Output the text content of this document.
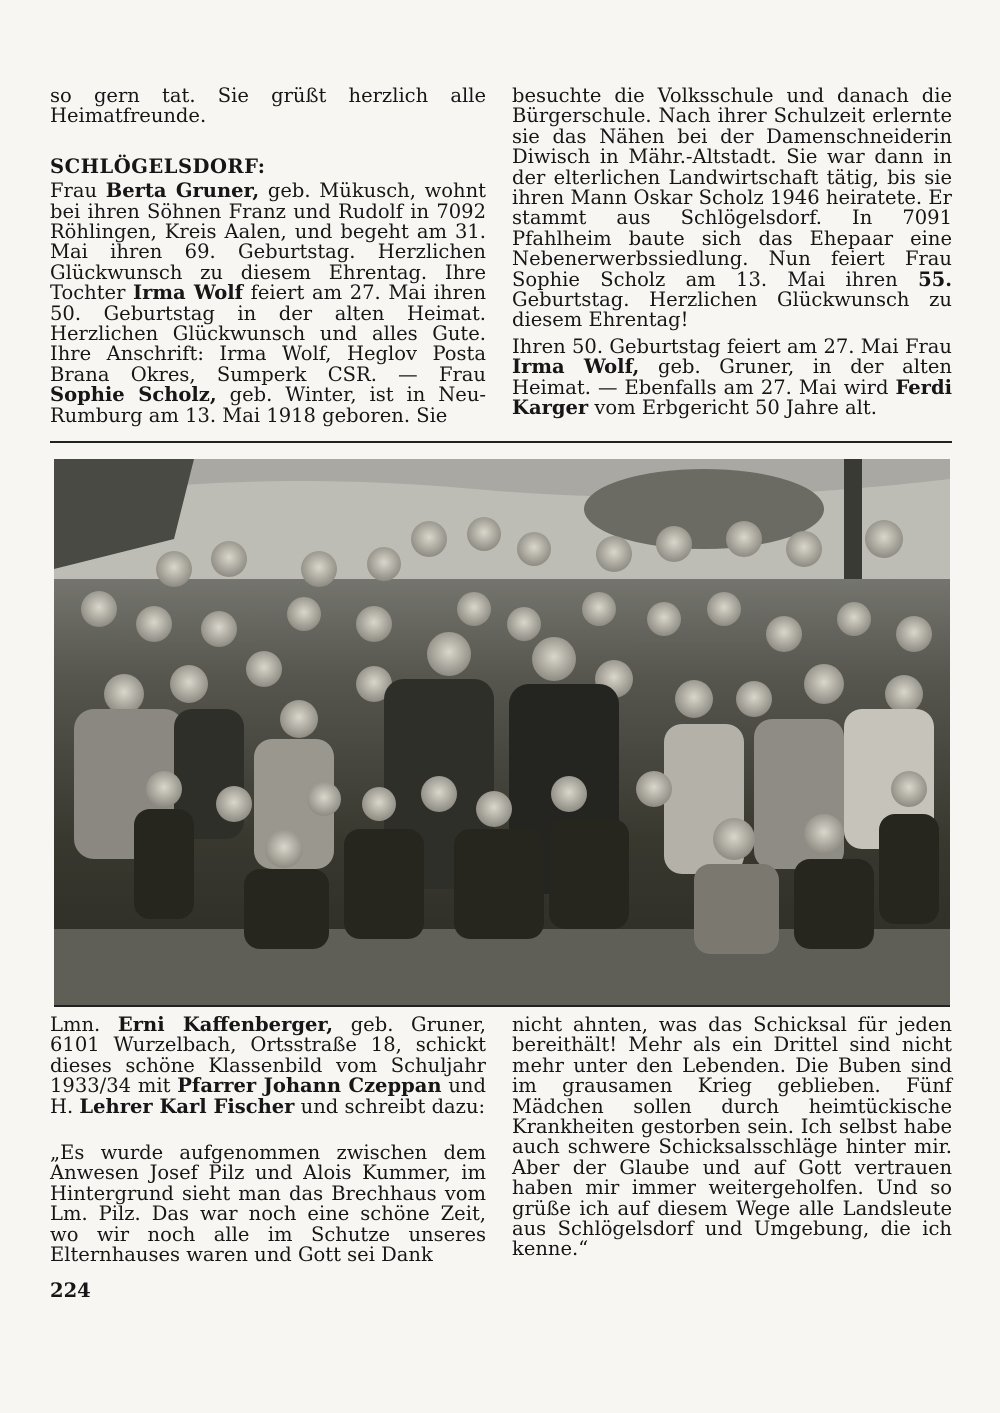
so gern tat. Sie grüßt herzlich alle Heimatfreunde.

SCHLÖGELSDORF:

Frau Berta Gruner, geb. Mükusch, wohnt bei ihren Söhnen Franz und Rudolf in 7092 Röhlingen, Kreis Aalen, und begeht am 31. Mai ihren 69. Geburtstag. Herzlichen Glückwunsch zu diesem Ehrentag. Ihre Tochter Irma Wolf feiert am 27. Mai ihren 50. Geburtstag in der alten Heimat. Herzlichen Glückwunsch und alles Gute. Ihre Anschrift: Irma Wolf, Heglov Posta Brana Okres, Sumperk CSR. — Frau Sophie Scholz, geb. Winter, ist in Neu-Rumburg am 13. Mai 1918 geboren. Sie

besuchte die Volksschule und danach die Bürgerschule. Nach ihrer Schulzeit erlernte sie das Nähen bei der Damenschneiderin Diwisch in Mähr.-Altstadt. Sie war dann in der elterlichen Landwirtschaft tätig, bis sie ihren Mann Oskar Scholz 1946 heiratete. Er stammt aus Schlögelsdorf. In 7091 Pfahlheim baute sich das Ehepaar eine Nebenerwerbssiedlung. Nun feiert Frau Sophie Scholz am 13. Mai ihren 55. Geburtstag. Herzlichen Glückwunsch zu diesem Ehrentag!

Ihren 50. Geburtstag feiert am 27. Mai Frau Irma Wolf, geb. Gruner, in der alten Heimat. — Ebenfalls am 27. Mai wird Ferdi Karger vom Erbgericht 50 Jahre alt.

Lmn. Erni Kaffenberger, geb. Gruner, 6101 Wurzelbach, Ortsstraße 18, schickt dieses schöne Klassenbild vom Schuljahr 1933/34 mit Pfarrer Johann Czeppan und H. Lehrer Karl Fischer und schreibt dazu:

„Es wurde aufgenommen zwischen dem Anwesen Josef Pilz und Alois Kummer, im Hintergrund sieht man das Brechhaus vom Lm. Pilz. Das war noch eine schöne Zeit, wo wir noch alle im Schutze unseres Elternhauses waren und Gott sei Dank

nicht ahnten, was das Schicksal für jeden bereithält! Mehr als ein Drittel sind nicht mehr unter den Lebenden. Die Buben sind im grausamen Krieg geblieben. Fünf Mädchen sollen durch heimtückische Krankheiten gestorben sein. Ich selbst habe auch schwere Schicksalsschläge hinter mir. Aber der Glaube und auf Gott vertrauen haben mir immer weitergeholfen. Und so grüße ich auf diesem Wege alle Landsleute aus Schlögelsdorf und Umgebung, die ich kenne.“

224
